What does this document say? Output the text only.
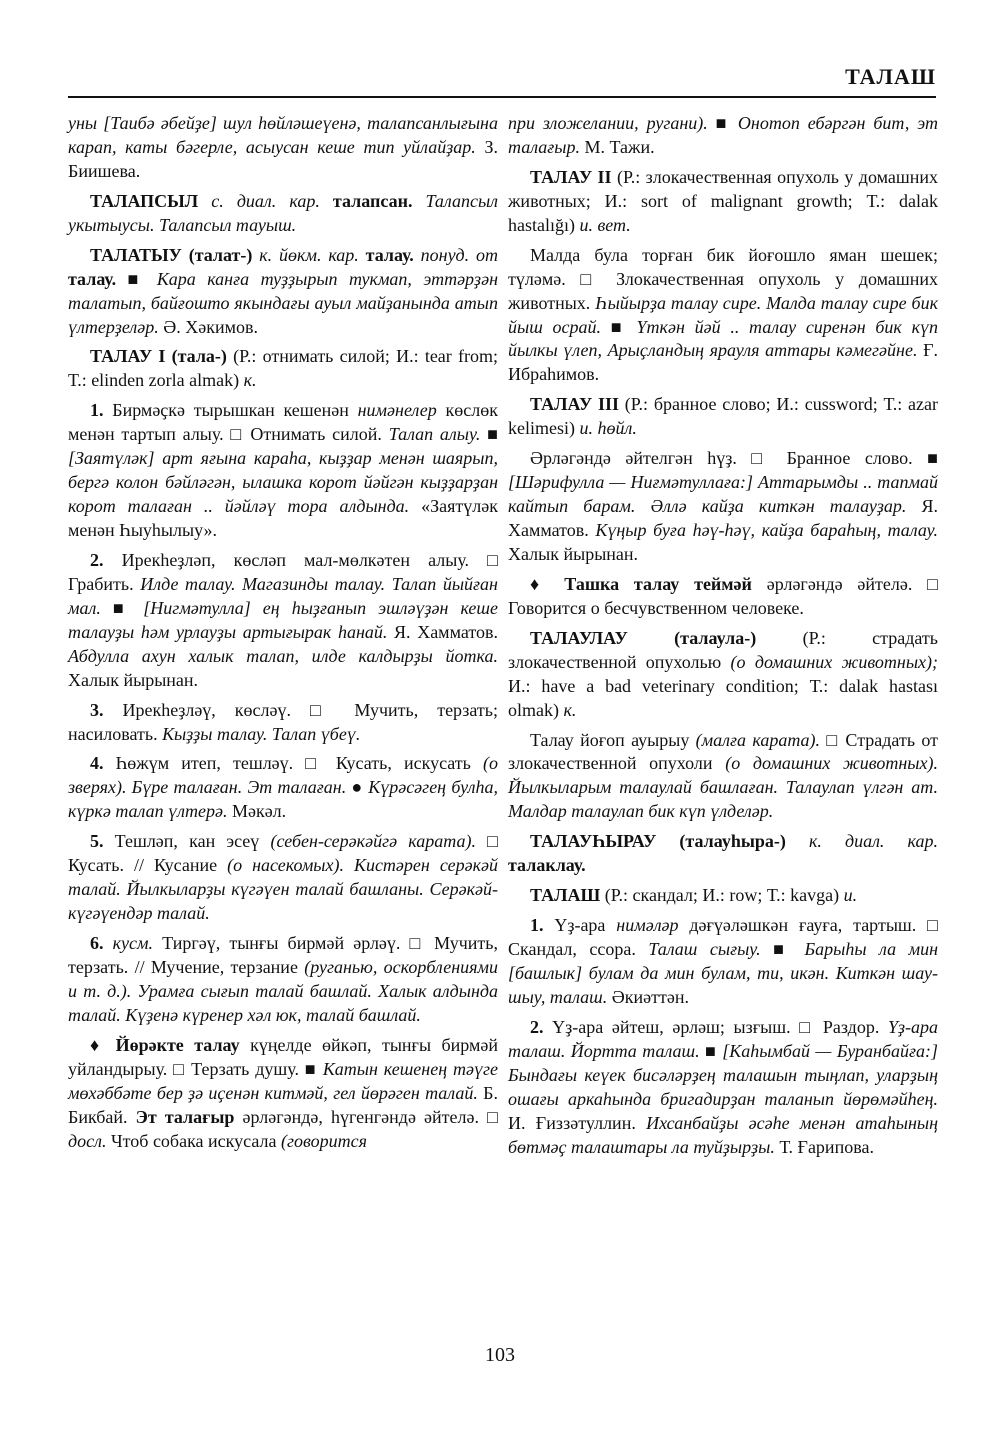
ТАЛАШ

уны [Таибә әбейҙе] шул һөйләшеүенә, талапсанлығына карап, каты бәгерле, асыусан кеше тип уйлайҙар. З. Биишева.

ТАЛАПСЫЛ с. диал. кар. талапсан. Талапсыл укытыусы. Талапсыл тауыш.

ТАЛАТЫУ (талат-) к. йөкм. кар. талау. понуд. от талау. ■ Кара канға туҙҙырып тукмап, эттәрҙән талатып, байғошто якындағы ауыл майҙанында атып үлтерҙеләр. Ә. Хәкимов.

ТАЛАУ I (тала-) (Р.: отнимать силой; И.: tear from; Т.: elinden zorla almak) к.

1. Бирмәҫкә тырышкан кешенән нимәнелер көслөк менән тартып алыу. □ Отнимать силой. Талап алыу. ■ [Заятүләк] арт яғына караһа, кыҙҙар менән шаярып, бергә колон бәйләгән, ылашка корот йәйгән кыҙҙарҙан корот талаған .. йәйләү тора алдында. «Заятүләк менән Һыуһылыу».

2. Ирекһеҙләп, көсләп мал-мөлкәтен алыу. □ Грабить. Илде талау. Магазинды талау. Талап йыйған мал. ■ [Нигмәтулла] ең һыҙғанып эшләүҙән кеше талауҙы һәм урлауҙы артығырак һанай. Я. Хамматов. Абдулла ахун халык талап, илде калдырҙы йотка. Халык йырынан.

3. Ирекһеҙләү, көсләү. □ Мучить, терзать; насиловать. Кыҙҙы талау. Талап үбеү.

4. Һөжүм итеп, тешләү. □ Кусать, искусать (о зверях). Бүре талаған. Эт талаған. ● Күрәсәгең булһа, күркә талап үлтерә. Мәкәл.

5. Тешләп, кан эсеү (себен-серәкәйгә карата). □ Кусать. // Кусание (о насекомых). Кистәрен серәкәй талай. Йылкыларҙы күгәүен талай башланы. Серәкәй-күгәүендәр талай.

6. кусм. Тиргәү, тынғы бирмәй әрләү. □ Мучить, терзать. // Мучение, терзание (руганью, оскорблениями и т. д.). Урамға сығып талай башлай. Халык алдында талай. Күҙенә күренер хәл юк, талай башлай.

♦ Йөрәкте талау күңелде өйкәп, тынғы бирмәй уйландырыу. □ Терзать душу. ■ Катын кешенең тәүге мөхәббәте бер ҙә иҫенән китмәй, гел йөрәген талай. Б. Бикбай. Эт талағыр әрләгәндә, һүгенгәндә әйтелә. □ досл. Чтоб собака искусала (говорится

при зложелании, ругани). ■ Онотоп ебәргән бит, эт талағыр. М. Тажи.

ТАЛАУ II (Р.: злокачественная опухоль у домашних животных; И.: sort of malignant growth; Т.: dalak hastalığı) и. вет.

Малда була торған бик йоғошло яман шешек; түләмә. □ Злокачественная опухоль у домашних животных. Һыйырҙа талау сире. Малда талау сире бик йыш осрай. ■ Үткән йәй .. талау сиренән бик күп йылкы үлеп, Арыҫландың ярауля аттары кәмегәйне. Ғ. Ибраһимов.

ТАЛАУ III (Р.: бранное слово; И.: cussword; Т.: azar kelimesi) и. һөйл.

Әрләгәндә әйтелгән һүҙ. □ Бранное слово. ■ [Шәрифулла — Ниғмәтуллаға:] Аттарымды .. тапмай кайтып барам. Әллә кайҙа киткән талауҙар. Я. Хамматов. Күңыр буға һәү-һәү, кайҙа бараһың, талау. Халык йырынан.

♦ Ташка талау теймәй әрләгәндә әйтелә. □ Говорится о бесчувственном человеке.

ТАЛАУЛАУ (талаула-) (Р.: страдать злокачественной опухолью (о домашних животных); И.: have a bad veterinary condition; Т.: dalak hastası olmak) к.

Талау йоғоп ауырыу (малға карата). □ Страдать от злокачественной опухоли (о домашних животных). Йылкыларым талаулай башлаған. Талаулап үлгән ат. Малдар талаулап бик күп үлделәр.

ТАЛАУҺЫРАУ (талауһыра-) к. диал. кар. талаклау.

ТАЛАШ (Р.: скандал; И.: row; Т.: kavga) и.

1. Үҙ-ара нимәләр дәғүәләшкән ғауға, тартыш. □ Скандал, ссора. Талаш сығыу. ■ Барыһы ла мин [башлык] булам да мин булам, ти, икән. Киткән шау-шыу, талаш. Әкиәттән.

2. Үҙ-ара әйтеш, әрләш; ызғыш. □ Раздор. Үҙ-ара талаш. Йортта талаш. ■ [Каһымбай — Буранбайға:] Бындағы кеүек бисәләрҙең талашын тыңлап, уларҙың ошағы аркаһында бригадирҙан таланып йөрөмәйһең. И. Ғиззәтуллин. Ихсанбайҙы әсәһе менән атаһының бөтмәҫ талаштары ла туйҙырҙы. Т. Ғарипова.

103
